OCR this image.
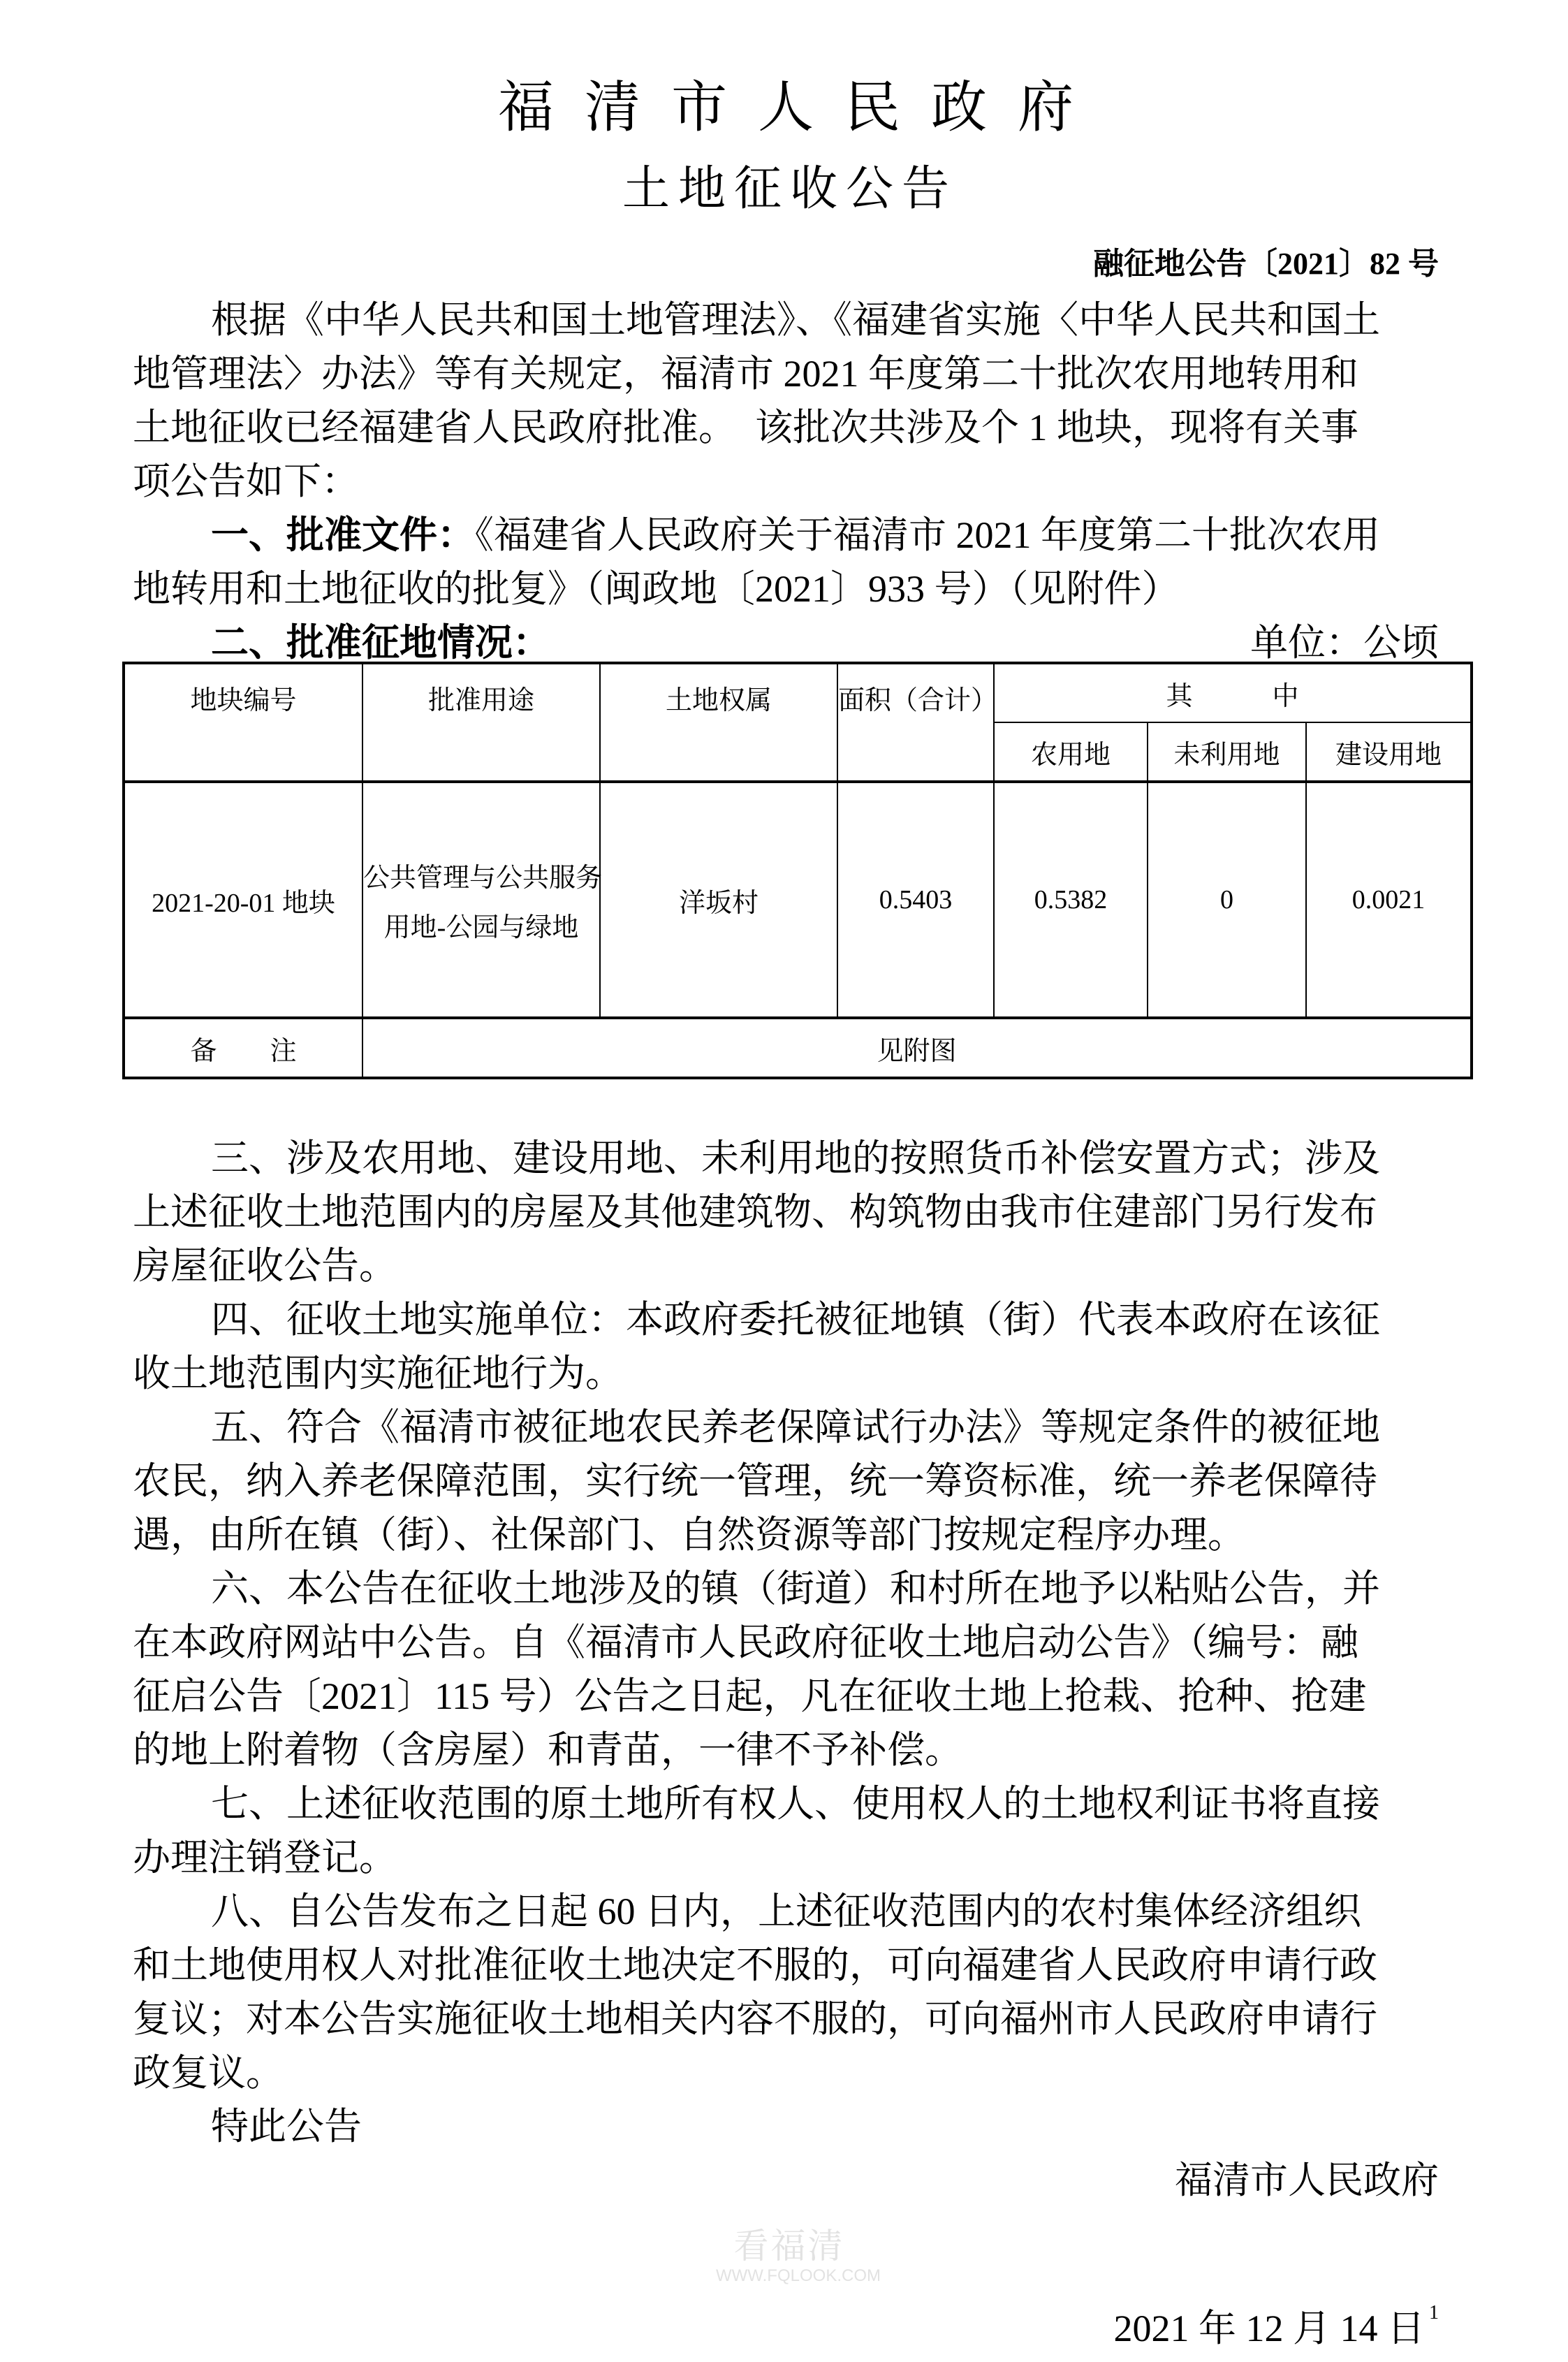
福清市人民政府
土地征收公告
融征地公告〔2021〕82 号
根据《中华人民共和国土地管理法》、《福建省实施〈中华人民共和国土
地管理法〉办法》等有关规定，福清市 2021 年度第二十批次农用地转用和
土地征收已经福建省人民政府批准。  该批次共涉及个 1 地块，现将有关事
项公告如下：
一、批准文件：《福建省人民政府关于福清市 2021 年度第二十批次农用
地转用和土地征收的批复》（闽政地〔2021〕933 号）（见附件）
二、批准征地情况：	单位：公顷
地块编号	批准用途	土地权属	面积（合计）	其　　　中		
				农用地	未利用地	建设用地
2021-20-01 地块	公共管理与公共服务
用地-公园与绿地	洋坂村	0.5403	0.5382	0	0.0021
备　　注	见附图					
三、涉及农用地、建设用地、未利用地的按照货币补偿安置方式；涉及
上述征收土地范围内的房屋及其他建筑物、构筑物由我市住建部门另行发布
房屋征收公告。
四、征收土地实施单位：本政府委托被征地镇（街）代表本政府在该征
收土地范围内实施征地行为。
五、符合《福清市被征地农民养老保障试行办法》等规定条件的被征地
农民，纳入养老保障范围，实行统一管理，统一筹资标准，统一养老保障待
遇，由所在镇（街）、社保部门、自然资源等部门按规定程序办理。
六、本公告在征收土地涉及的镇（街道）和村所在地予以粘贴公告，并
在本政府网站中公告。自《福清市人民政府征收土地启动公告》（编号：融
征启公告〔2021〕115 号）公告之日起，凡在征收土地上抢栽、抢种、抢建
的地上附着物（含房屋）和青苗，一律不予补偿。
七、上述征收范围的原土地所有权人、使用权人的土地权利证书将直接
办理注销登记。
八、自公告发布之日起 60 日内，上述征收范围内的农村集体经济组织
和土地使用权人对批准征收土地决定不服的，可向福建省人民政府申请行政
复议；对本公告实施征收土地相关内容不服的，可向福州市人民政府申请行
政复议。
特此公告
福清市人民政府
2021 年 12 月 14 日 $^1$
看福清
WWW.FQLOOK.COM
